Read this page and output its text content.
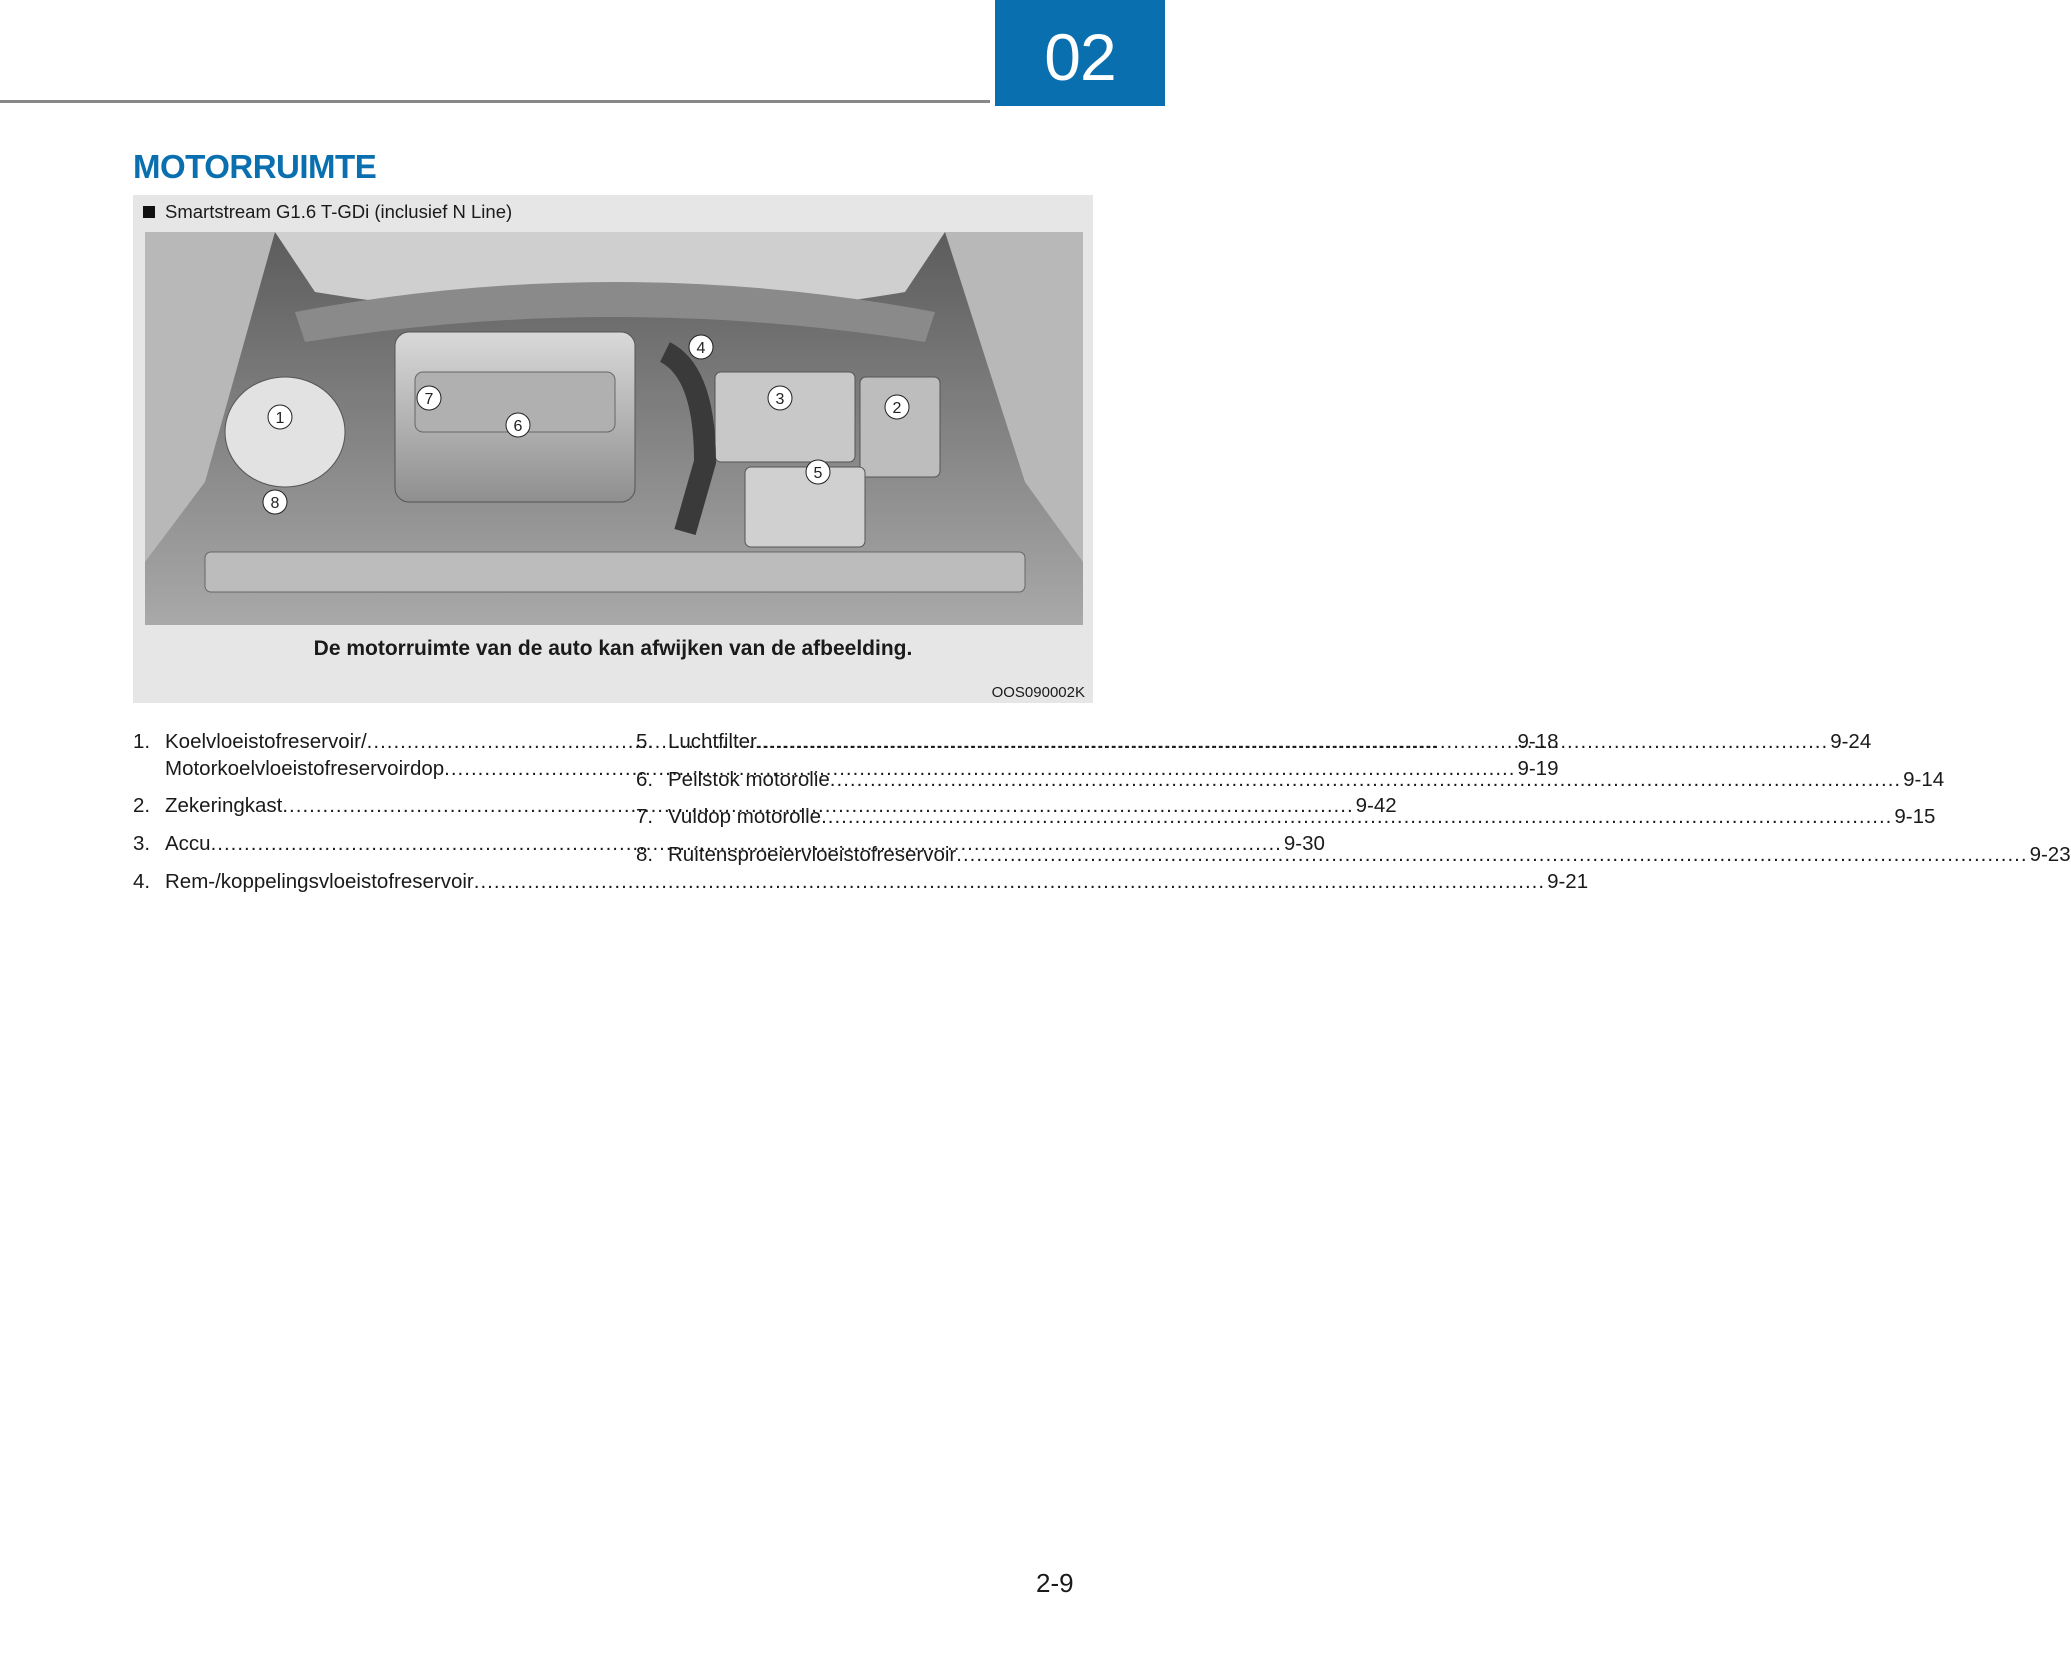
02
MOTORRUIMTE
Smartstream G1.6 T-GDi (inclusief N Line)
1
2
3
4
5
6
7
8
De motorruimte van de auto kan afwijken van de afbeelding.
OOS090002K
1. Koelvloeistofreservoir/ .....	9-18
Motorkoelvloeistofreservoirdop .....	9-19
2. Zekeringkast .....	9-42
3. Accu .....	9-30
4. Rem-/koppelingsvloeistofreservoir .....	9-21
5. Luchtfilter .....	9-24
6. Peilstok motorolie .....	9-14
7. Vuldop motorolie .....	9-15
8. Ruitensproeiervloeistofreservoir .....	9-23
2-9
